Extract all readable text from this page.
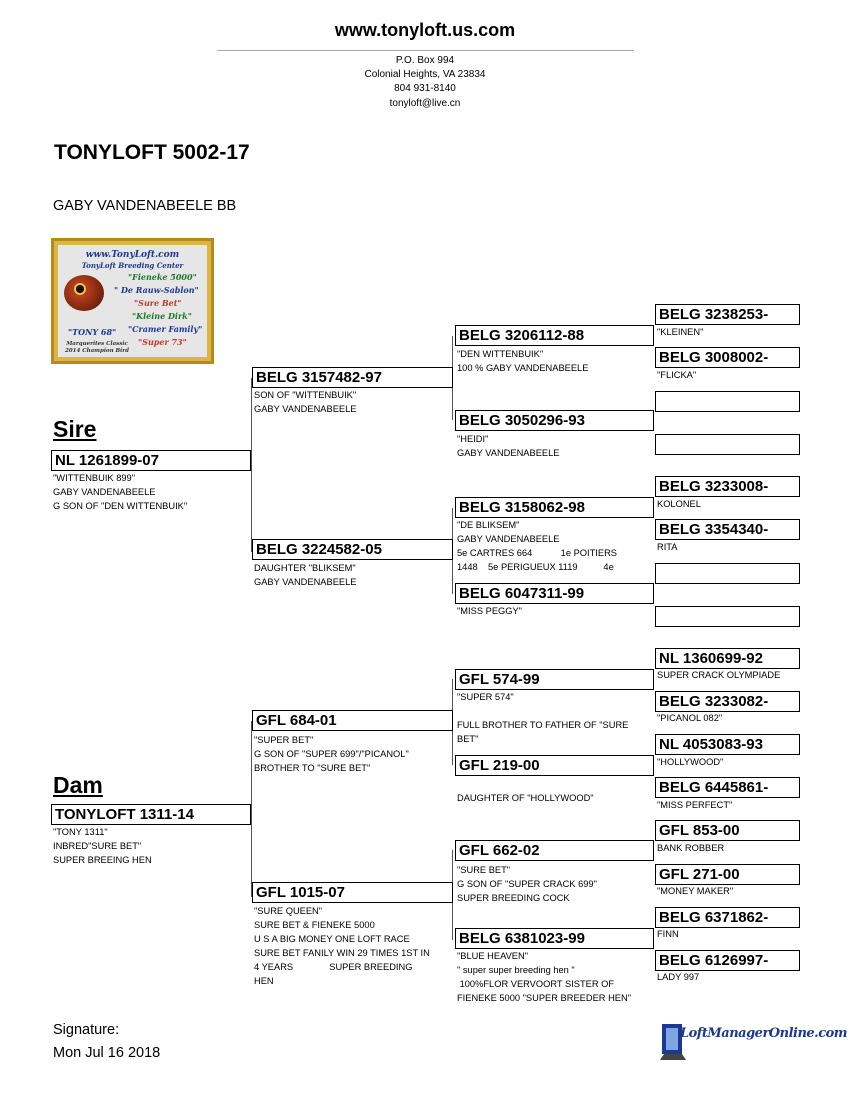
www.tonyloft.us.com
P.O. Box 994
Colonial Heights, VA 23834
804 931-8140
tonyloft@live.cn
TONYLOFT 5002-17
GABY VANDENABEELE BB
www.TonyLoft.com
TonyLoft Breeding Center
"Fieneke 5000"
" De Rauw-Sablon"
"Sure Bet"
"Kleine Dirk"
"Cramer Family"
"Super 73"
"TONY 68"
Marquerites Classic 2014 Champion Bird
Sire
NL 1261899-07
"WITTENBUIK 899"
GABY VANDENABEELE
G SON OF "DEN WITTENBUIK"
Dam
TONYLOFT 1311-14
"TONY 1311"
INBRED"SURE BET"
SUPER BREEING HEN
BELG 3157482-97
SON OF "WITTENBUIK"
GABY VANDENABEELE
BELG 3224582-05
DAUGHTER "BLIKSEM"
GABY VANDENABEELE
GFL 684-01
"SUPER BET"
G SON OF "SUPER 699"/"PICANOL"
BROTHER TO "SURE BET"
GFL 1015-07
"SURE QUEEN"
SURE BET & FIENEKE 5000
U S A BIG MONEY ONE LOFT RACE
SURE BET FANILY WIN 29 TIMES 1ST IN
4 YEARS              SUPER BREEDING
HEN
BELG 3206112-88
"DEN WITTENBUIK"
100 % GABY VANDENABEELE
BELG 3050296-93
"HEIDI"
GABY VANDENABEELE
BELG 3158062-98
"DE BLIKSEM"
GABY VANDENABEELE
5e CARTRES 664           1e POITIERS
1448    5e PERIGUEUX 1119          4e
BELG 6047311-99
"MISS PEGGY"
GFL 574-99
"SUPER 574"
FULL BROTHER TO FATHER OF "SURE
BET"
GFL 219-00
DAUGHTER OF "HOLLYWOOD"
GFL 662-02
"SURE BET"
G SON OF "SUPER CRACK 699"
SUPER BREEDING COCK
BELG 6381023-99
"BLUE HEAVEN"
" super super breeding hen "
100%FLOR VERVOORT SISTER OF
FIENEKE 5000 "SUPER BREEDER HEN"
BELG 3238253-
"KLEINEN"
BELG 3008002-
"FLICKA"
BELG 3233008-
KOLONEL
BELG 3354340-
RITA
NL 1360699-92
SUPER CRACK OLYMPIADE
BELG 3233082-
"PICANOL 082"
NL 4053083-93
"HOLLYWOOD"
BELG 6445861-
"MISS PERFECT"
GFL 853-00
BANK ROBBER
GFL 271-00
"MONEY MAKER"
BELG 6371862-
FINN
BELG 6126997-
LADY 997
Signature:
Mon Jul 16 2018
LoftManagerOnline.com
